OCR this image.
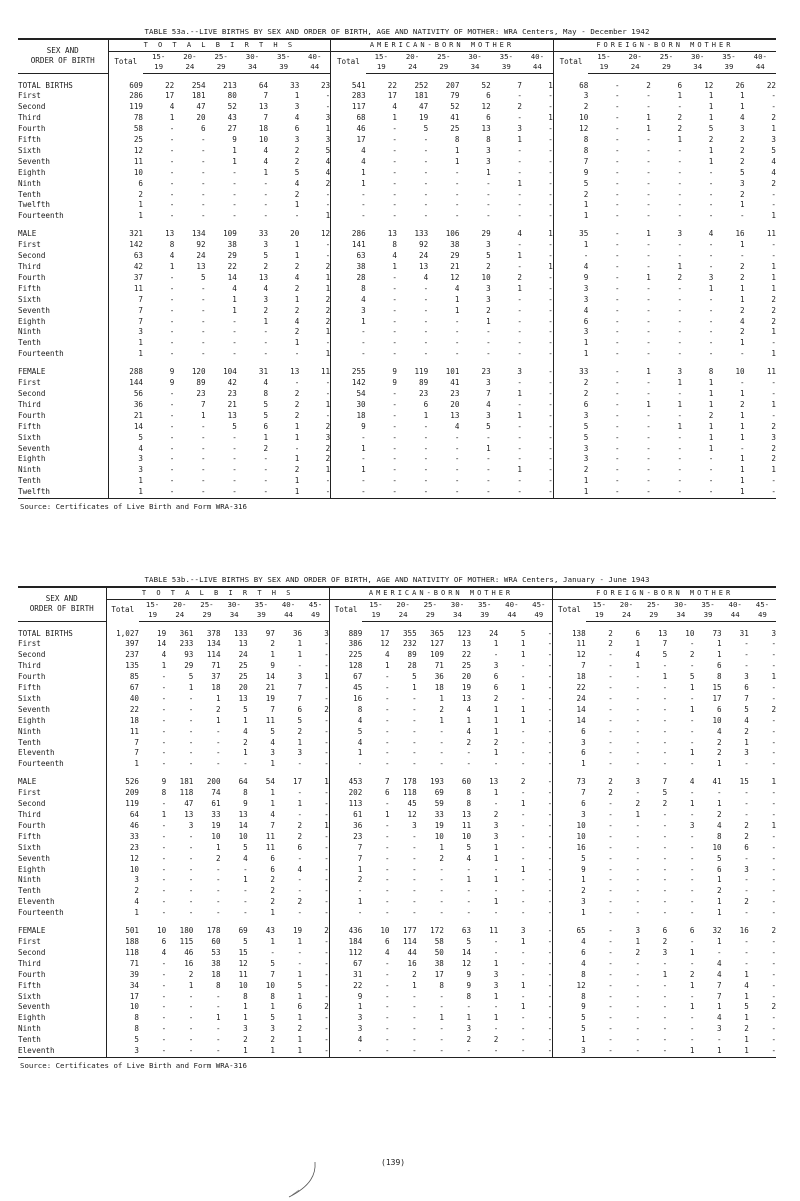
TABLE 53a.--LIVE BIRTHS BY SEX AND ORDER OF BIRTH, AGE AND NATIVITY OF MOTHER: WRA Centers, May - December 1942
SEX AND
ORDER OF BIRTH	T O T A L B I R T H S							AMERICAN-BORN MOTHER							FOREIGN-BORN MOTHER						
	Total	15-	20-	25-	30-	35-	40-	Total	15-	20-	25-	30-	35-	40-	Total	15-	20-	25-	30-	35-	40-
		19	24	29	34	39	44		19	24	29	34	39	44		19	24	29	34	39	44

TOTAL BIRTHS	609	22	254	213	64	33	23	541	22	252	207	52	7	1	68	-	2	6	12	26	22
First	286	17	181	80	7	1	-	283	17	181	79	6	-	-	3	-	-	1	1	1	-
Second	119	4	47	52	13	3	-	117	4	47	52	12	2	-	2	-	-	-	1	1	-
Third	78	1	20	43	7	4	3	68	1	19	41	6	-	1	10	-	1	2	1	4	2
Fourth	58	-	6	27	18	6	1	46	-	5	25	13	3	-	12	-	1	2	5	3	1
Fifth	25	-	-	9	10	3	3	17	-	-	8	8	1	-	8	-	-	1	2	2	3
Sixth	12	-	-	1	4	2	5	4	-	-	1	3	-	-	8	-	-	-	1	2	5
Seventh	11	-	-	1	4	2	4	4	-	-	1	3	-	-	7	-	-	-	1	2	4
Eighth	10	-	-	-	1	5	4	1	-	-	-	1	-	-	9	-	-	-	-	5	4
Ninth	6	-	-	-	-	4	2	1	-	-	-	-	1	-	5	-	-	-	-	3	2
Tenth	2	-	-	-	-	2	-	-	-	-	-	-	-	-	2	-	-	-	-	2	-
Twelfth	1	-	-	-	-	1	-	-	-	-	-	-	-	-	1	-	-	-	-	1	-
Fourteenth	1	-	-	-	-	-	1	-	-	-	-	-	-	-	1	-	-	-	-	-	1

MALE	321	13	134	109	33	20	12	286	13	133	106	29	4	1	35	-	1	3	4	16	11
First	142	8	92	38	3	1	-	141	8	92	38	3	-	-	1	-	-	-	-	1	-
Second	63	4	24	29	5	1	-	63	4	24	29	5	1	-	-	-	-	-	-	-	-
Third	42	1	13	22	2	2	2	38	1	13	21	2	-	1	4	-	-	1	-	2	1
Fourth	37	-	5	14	13	4	1	28	-	4	12	10	2	-	9	-	1	2	3	2	1
Fifth	11	-	-	4	4	2	1	8	-	-	4	3	1	-	3	-	-	-	1	1	1
Sixth	7	-	-	1	3	1	2	4	-	-	1	3	-	-	3	-	-	-	-	1	2
Seventh	7	-	-	1	2	2	2	3	-	-	1	2	-	-	4	-	-	-	-	2	2
Eighth	7	-	-	-	1	4	2	1	-	-	-	1	-	-	6	-	-	-	-	4	2
Ninth	3	-	-	-	-	2	1	-	-	-	-	-	-	-	3	-	-	-	-	2	1
Tenth	1	-	-	-	-	1	-	-	-	-	-	-	-	-	1	-	-	-	-	1	-
Fourteenth	1	-	-	-	-	-	1	-	-	-	-	-	-	-	1	-	-	-	-	-	1

FEMALE	288	9	120	104	31	13	11	255	9	119	101	23	3	-	33	-	1	3	8	10	11
First	144	9	89	42	4	-	-	142	9	89	41	3	-	-	2	-	-	1	1	-	-
Second	56	-	23	23	8	2	-	54	-	23	23	7	1	-	2	-	-	-	1	1	-
Third	36	-	7	21	5	2	1	30	-	6	20	4	-	-	6	-	1	1	1	2	1
Fourth	21	-	1	13	5	2	-	18	-	1	13	3	1	-	3	-	-	-	2	1	-
Fifth	14	-	-	5	6	1	2	9	-	-	4	5	-	-	5	-	-	1	1	1	2
Sixth	5	-	-	-	1	1	3	-	-	-	-	-	-	-	5	-	-	-	1	1	3
Seventh	4	-	-	-	2	-	2	1	-	-	-	1	-	-	3	-	-	-	1	-	2
Eighth	3	-	-	-	-	1	2	-	-	-	-	-	-	-	3	-	-	-	-	1	2
Ninth	3	-	-	-	-	2	1	1	-	-	-	-	1	-	2	-	-	-	-	1	1
Tenth	1	-	-	-	-	1	-	-	-	-	-	-	-	-	1	-	-	-	-	1	-
Twelfth	1	-	-	-	-	1	-	-	-	-	-	-	-	-	1	-	-	-	-	1	-
Source: Certificates of Live Birth and Form WRA-316
TABLE 53b.--LIVE BIRTHS BY SEX AND ORDER OF BIRTH, AGE AND NATIVITY OF MOTHER: WRA Centers, January - June 1943
SEX AND
ORDER OF BIRTH	T O T A L B I R T H S								AMERICAN-BORN MOTHER								FOREIGN-BORN MOTHER							
	Total	15-	20-	25-	30-	35-	40-	45-	Total	15-	20-	25-	30-	35-	40-	45-	Total	15-	20-	25-	30-	35-	40-	45-
		19	24	29	34	39	44	49		19	24	29	34	39	44	49		19	24	29	34	39	44	49

TOTAL BIRTHS	1,027	19	361	378	133	97	36	3	889	17	355	365	123	24	5	-	138	2	6	13	10	73	31	3
First	397	14	233	134	13	2	1	-	386	12	232	127	13	1	1	-	11	2	1	7	-	1	-	-
Second	237	4	93	114	24	1	1	-	225	4	89	109	22	-	1	-	12	-	4	5	2	1	-	-
Third	135	1	29	71	25	9	-	-	128	1	28	71	25	3	-	-	7	-	1	-	-	6	-	-
Fourth	85	-	5	37	25	14	3	1	67	-	5	36	20	6	-	-	18	-	-	1	5	8	3	1
Fifth	67	-	1	18	20	21	7	-	45	-	1	18	19	6	1	-	22	-	-	-	1	15	6	-
Sixth	40	-	-	1	13	19	7	-	16	-	-	1	13	2	-	-	24	-	-	-	-	17	7	-
Seventh	22	-	-	2	5	7	6	2	8	-	-	2	4	1	1	-	14	-	-	-	1	6	5	2
Eighth	18	-	-	1	1	11	5	-	4	-	-	1	1	1	1	-	14	-	-	-	-	10	4	-
Ninth	11	-	-	-	4	5	2	-	5	-	-	-	4	1	-	-	6	-	-	-	-	4	2	-
Tenth	7	-	-	-	2	4	1	-	4	-	-	-	2	2	-	-	3	-	-	-	-	2	1	-
Eleventh	7	-	-	-	1	3	3	-	1	-	-	-	-	1	-	-	6	-	-	-	1	2	3	-
Fourteenth	1	-	-	-	-	1	-	-	-	-	-	-	-	-	-	-	1	-	-	-	-	1	-	-

MALE	526	9	181	200	64	54	17	1	453	7	178	193	60	13	2	-	73	2	3	7	4	41	15	1
First	209	8	118	74	8	1	-	-	202	6	118	69	8	1	-	-	7	2	-	5	-	-	-	-
Second	119	-	47	61	9	1	1	-	113	-	45	59	8	-	1	-	6	-	2	2	1	1	-	-
Third	64	1	13	33	13	4	-	-	61	1	12	33	13	2	-	-	3	-	1	-	-	2	-	-
Fourth	46	-	3	19	14	7	2	1	36	-	3	19	11	3	-	-	10	-	-	-	3	4	2	1
Fifth	33	-	-	10	10	11	2	-	23	-	-	10	10	3	-	-	10	-	-	-	-	8	2	-
Sixth	23	-	-	1	5	11	6	-	7	-	-	1	5	1	-	-	16	-	-	-	-	10	6	-
Seventh	12	-	-	2	4	6	-	-	7	-	-	2	4	1	-	-	5	-	-	-	-	5	-	-
Eighth	10	-	-	-	-	6	4	-	1	-	-	-	-	-	1	-	9	-	-	-	-	6	3	-
Ninth	3	-	-	-	1	2	-	-	2	-	-	-	1	1	-	-	1	-	-	-	-	1	-	-
Tenth	2	-	-	-	-	2	-	-	-	-	-	-	-	-	-	-	2	-	-	-	-	2	-	-
Eleventh	4	-	-	-	-	2	2	-	1	-	-	-	-	1	-	-	3	-	-	-	-	1	2	-
Fourteenth	1	-	-	-	-	1	-	-	-	-	-	-	-	-	-	-	1	-	-	-	-	1	-	-

FEMALE	501	10	180	178	69	43	19	2	436	10	177	172	63	11	3	-	65	-	3	6	6	32	16	2
First	188	6	115	60	5	1	1	-	184	6	114	58	5	-	1	-	4	-	1	2	-	1	-	-
Second	118	4	46	53	15	-	-	-	112	4	44	50	14	-	-	-	6	-	2	3	1	-	-	-
Third	71	-	16	38	12	5	-	-	67	-	16	38	12	1	-	-	4	-	-	-	-	4	-	-
Fourth	39	-	2	18	11	7	1	-	31	-	2	17	9	3	-	-	8	-	-	1	2	4	1	-
Fifth	34	-	1	8	10	10	5	-	22	-	1	8	9	3	1	-	12	-	-	-	1	7	4	-
Sixth	17	-	-	-	8	8	1	-	9	-	-	-	8	1	-	-	8	-	-	-	-	7	1	-
Seventh	10	-	-	-	1	1	6	2	1	-	-	-	-	-	1	-	9	-	-	-	1	1	5	2
Eighth	8	-	-	1	1	5	1	-	3	-	-	1	1	1	-	-	5	-	-	-	-	4	1	-
Ninth	8	-	-	-	3	3	2	-	3	-	-	-	3	-	-	-	5	-	-	-	-	3	2	-
Tenth	5	-	-	-	2	2	1	-	4	-	-	-	2	2	-	-	1	-	-	-	-	-	1	-
Eleventh	3	-	-	-	1	1	1	-	-	-	-	-	-	-	-	-	3	-	-	-	1	1	1	-
Source: Certificates of Live Birth and Form WRA-316
(139)
